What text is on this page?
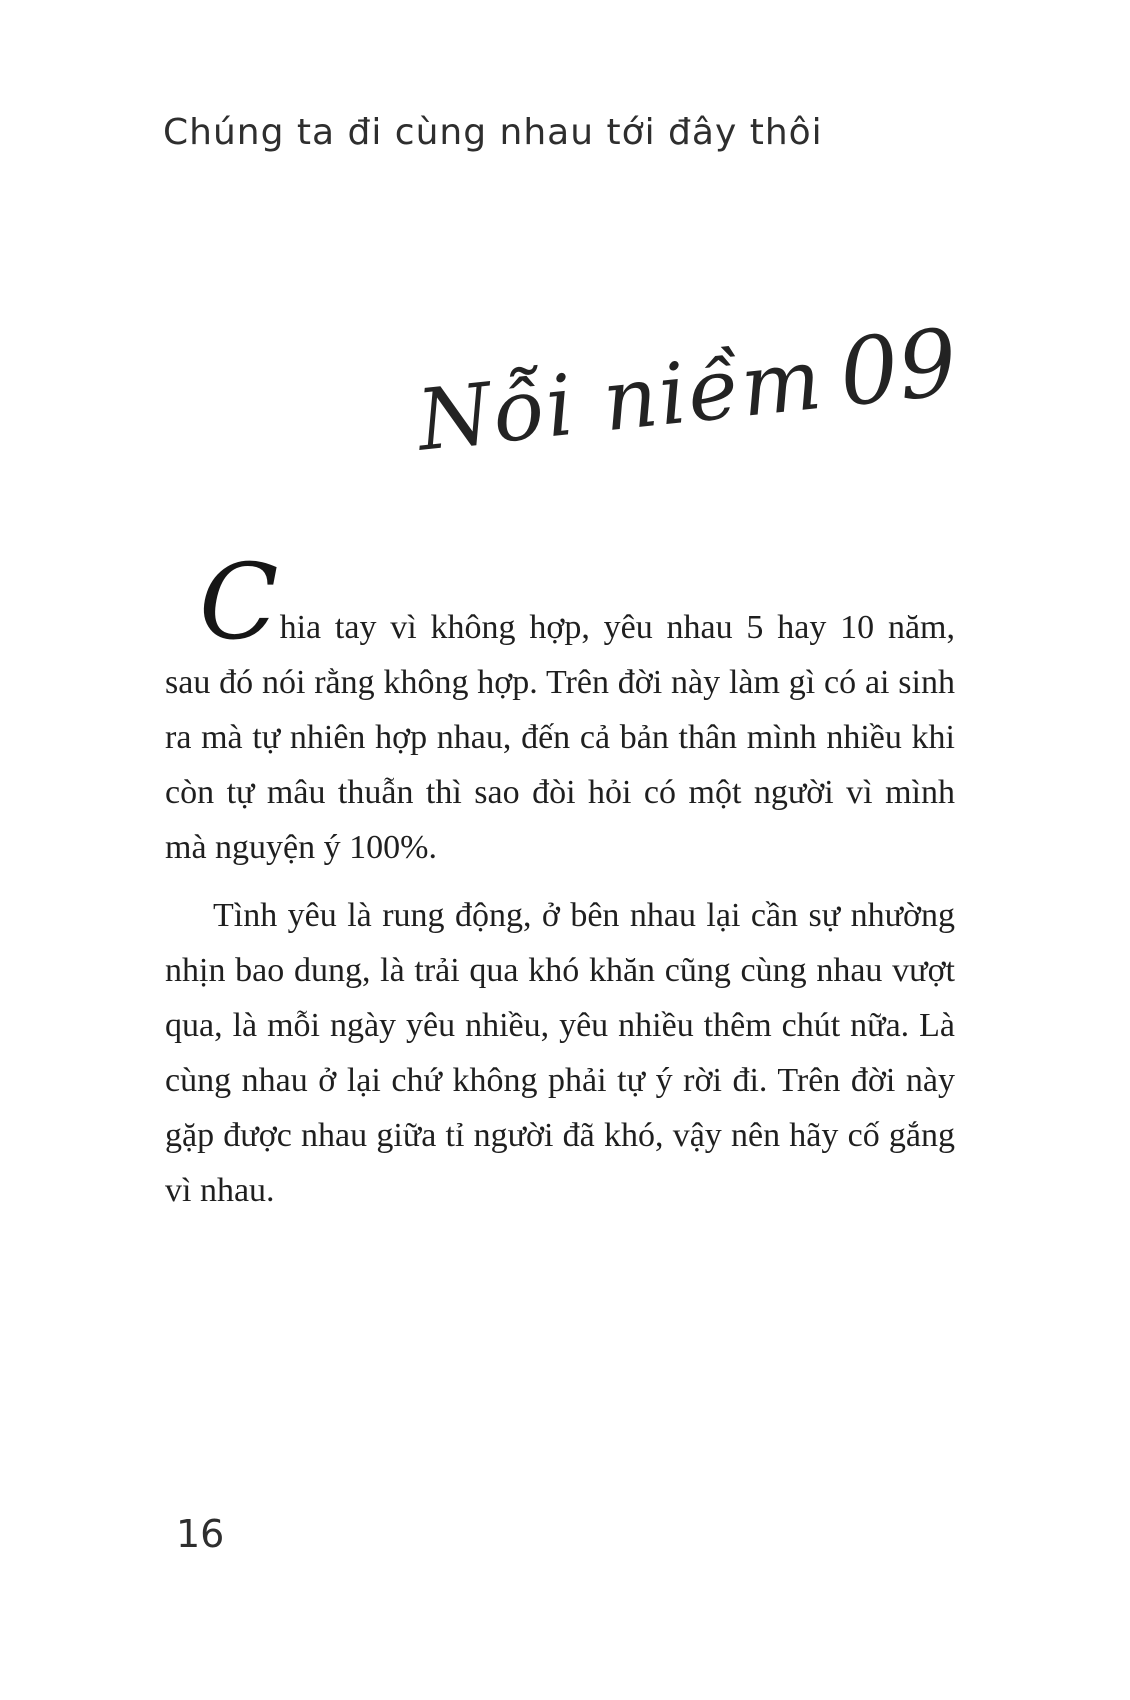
Chúng ta đi cùng nhau tới đây thôi
Nỗi niềm09

Chia tay vì không hợp, yêu nhau 5 hay 10 năm, sau đó nói rằng không hợp. Trên đời này làm gì có ai sinh ra mà tự nhiên hợp nhau, đến cả bản thân mình nhiều khi còn tự mâu thuẫn thì sao đòi hỏi có một người vì mình mà nguyện ý 100%.

Tình yêu là rung động, ở bên nhau lại cần sự nhường nhịn bao dung, là trải qua khó khăn cũng cùng nhau vượt qua, là mỗi ngày yêu nhiều, yêu nhiều thêm chút nữa. Là cùng nhau ở lại chứ không phải tự ý rời đi. Trên đời này gặp được nhau giữa tỉ người đã khó, vậy nên hãy cố gắng vì nhau.

16
